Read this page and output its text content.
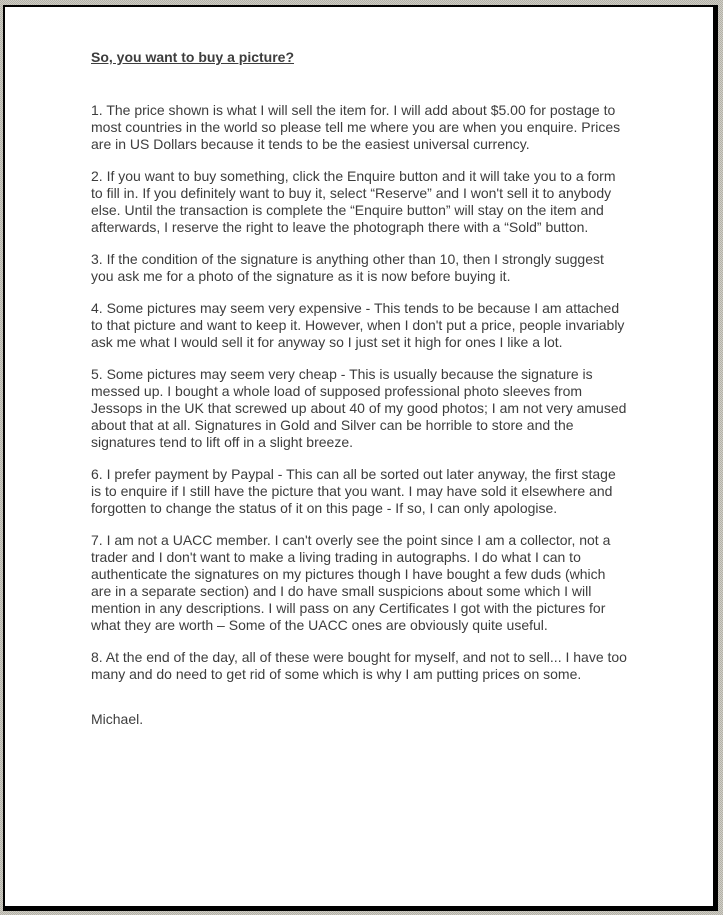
So, you want to buy a picture?

1. The price shown is what I will sell the item for. I will add about $5.00 for postage to most countries in the world so please tell me where you are when you enquire. Prices are in US Dollars because it tends to be the easiest universal currency.

2. If you want to buy something, click the Enquire button and it will take you to a form to fill in. If you definitely want to buy it, select “Reserve” and I won't sell it to anybody else. Until the transaction is complete the “Enquire button” will stay on the item and afterwards, I reserve the right to leave the photograph there with a “Sold” button.

3. If the condition of the signature is anything other than 10, then I strongly suggest you ask me for a photo of the signature as it is now before buying it.

4. Some pictures may seem very expensive - This tends to be because I am attached to that picture and want to keep it. However, when I don't put a price, people invariably ask me what I would sell it for anyway so I just set it high for ones I like a lot.

5. Some pictures may seem very cheap - This is usually because the signature is messed up. I bought a whole load of supposed professional photo sleeves from Jessops in the UK that screwed up about 40 of my good photos; I am not very amused about that at all. Signatures in Gold and Silver can be horrible to store and the signatures tend to lift off in a slight breeze.

6. I prefer payment by Paypal - This can all be sorted out later anyway, the first stage is to enquire if I still have the picture that you want. I may have sold it elsewhere and forgotten to change the status of it on this page - If so, I can only apologise.

7. I am not a UACC member. I can't overly see the point since I am a collector, not a trader and I don't want to make a living trading in autographs. I do what I can to authenticate the signatures on my pictures though I have bought a few duds (which are in a separate section) and I do have small suspicions about some which I will mention in any descriptions. I will pass on any Certificates I got with the pictures for what they are worth – Some of the UACC ones are obviously quite useful.

8. At the end of the day, all of these were bought for myself, and not to sell... I have too many and do need to get rid of some which is why I am putting prices on some.

Michael.
